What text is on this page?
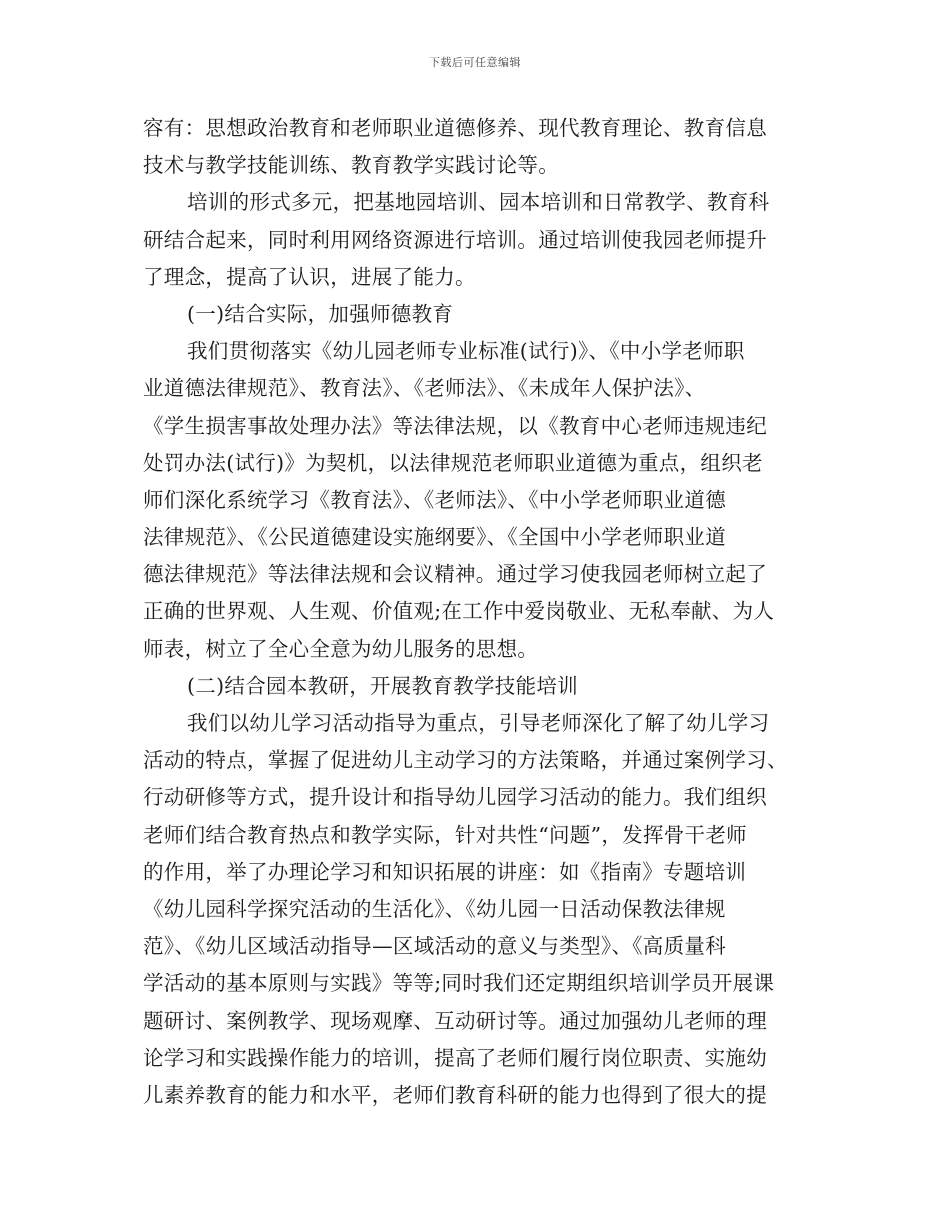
下载后可任意编辑
容有：思想政治教育和老师职业道德修养、现代教育理论、教育信息
技术与教学技能训练、教育教学实践讨论等。
培训的形式多元，把基地园培训、园本培训和日常教学、教育科
研结合起来，同时利用网络资源进行培训。通过培训使我园老师提升
了理念，提高了认识，进展了能力。
(一)结合实际，加强师德教育
我们贯彻落实《幼儿园老师专业标准(试行)》、《中小学老师职
业道德法律规范》、教育法》、《老师法》、《未成年人保护法》、
《学生损害事故处理办法》等法律法规，以《教育中心老师违规违纪
处罚办法(试行)》为契机，以法律规范老师职业道德为重点，组织老
师们深化系统学习《教育法》、《老师法》、《中小学老师职业道德
法律规范》、《公民道德建设实施纲要》、《全国中小学老师职业道
德法律规范》等法律法规和会议精神。通过学习使我园老师树立起了
正确的世界观、人生观、价值观;在工作中爱岗敬业、无私奉献、为人
师表，树立了全心全意为幼儿服务的思想。
(二)结合园本教研，开展教育教学技能培训
我们以幼儿学习活动指导为重点，引导老师深化了解了幼儿学习
活动的特点，掌握了促进幼儿主动学习的方法策略，并通过案例学习、
行动研修等方式，提升设计和指导幼儿园学习活动的能力。我们组织
老师们结合教育热点和教学实际，针对共性“问题”，发挥骨干老师
的作用，举了办理论学习和知识拓展的讲座：如《指南》专题培训
《幼儿园科学探究活动的生活化》、《幼儿园一日活动保教法律规
范》、《幼儿区域活动指导—区域活动的意义与类型》、《高质量科
学活动的基本原则与实践》等等;同时我们还定期组织培训学员开展课
题研讨、案例教学、现场观摩、互动研讨等。通过加强幼儿老师的理
论学习和实践操作能力的培训，提高了老师们履行岗位职责、实施幼
儿素养教育的能力和水平，老师们教育科研的能力也得到了很大的提
